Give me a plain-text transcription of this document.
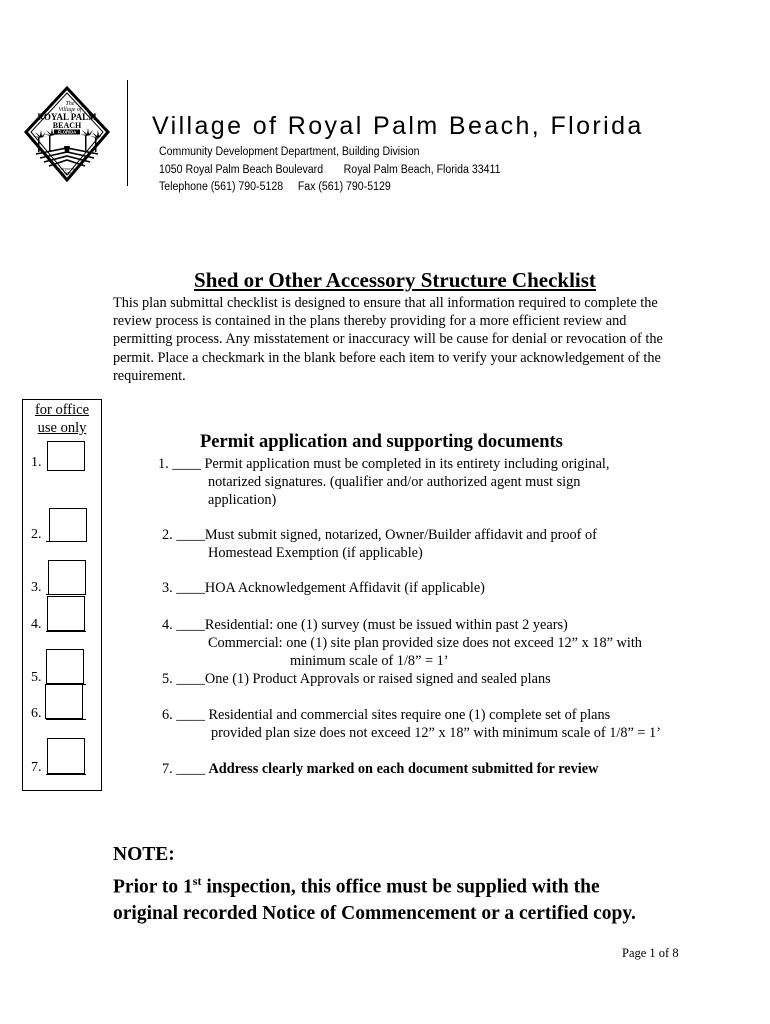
The
Village of
ROYAL PALM
BEACH
FLORIDA
Incorporated
1959
Village of Royal Palm Beach, Florida
Community Development Department, Building Division
1050 Royal Palm Beach Boulevard       Royal Palm Beach, Florida 33411
Telephone (561) 790-5128     Fax (561) 790-5129
Shed or Other Accessory Structure Checklist
This plan submittal checklist is designed to ensure that all information required to complete the review process is contained in the plans thereby providing for a more efficient review and permitting process. Any misstatement or inaccuracy will be cause for denial or revocation of the permit. Place a checkmark in the blank before each item to verify your acknowledgement of the requirement.
for office
use only
1.
2.
3.
4.
5.
6.
7.
Permit application and supporting documents
1. ____ Permit application must be completed in its entirety including original,
notarized signatures. (qualifier and/or authorized agent must sign
application)
2. ____Must submit signed, notarized, Owner/Builder affidavit and proof of
Homestead Exemption (if applicable)
3. ____HOA Acknowledgement Affidavit (if applicable)
4. ____Residential: one (1) survey (must be issued within past 2 years)
Commercial: one (1) site plan provided size does not exceed 12” x 18” with
minimum scale of 1/8” = 1’
5. ____One (1) Product Approvals or raised signed and sealed plans
6. ____ Residential and commercial sites require one (1) complete set of plans
provided plan size does not exceed 12” x 18” with minimum scale of 1/8” = 1’
7. ____ Address clearly marked on each document submitted for review
NOTE:
Prior to 1st inspection, this office must be supplied with the
original recorded Notice of Commencement or a certified copy.
Page 1 of 8
